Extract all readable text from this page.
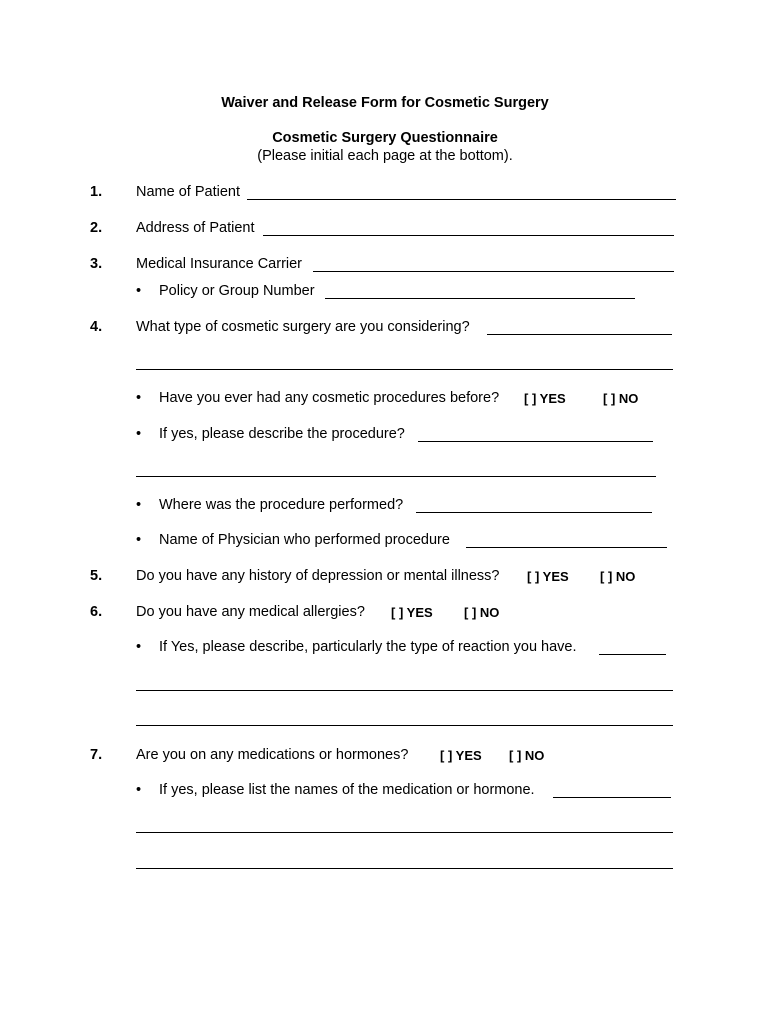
Waiver and Release Form for Cosmetic Surgery
Cosmetic Surgery Questionnaire
(Please initial each page at the bottom).
1. Name of Patient
2. Address of Patient
3. Medical Insurance Carrier
• Policy or Group Number
4. What type of cosmetic surgery are you considering?
• Have you ever had any cosmetic procedures before? [ ] YES	[ ] NO
• If yes, please describe the procedure?
• Where was the procedure performed?
• Name of Physician who performed procedure
5. Do you have any history of depression or mental illness? [ ] YES [ ] NO
6. Do you have any medical allergies? [ ] YES [ ] NO
• If Yes, please describe, particularly the type of reaction you have.
7. Are you on any medications or hormones? [ ] YES [ ] NO
• If yes, please list the names of the medication or hormone.
